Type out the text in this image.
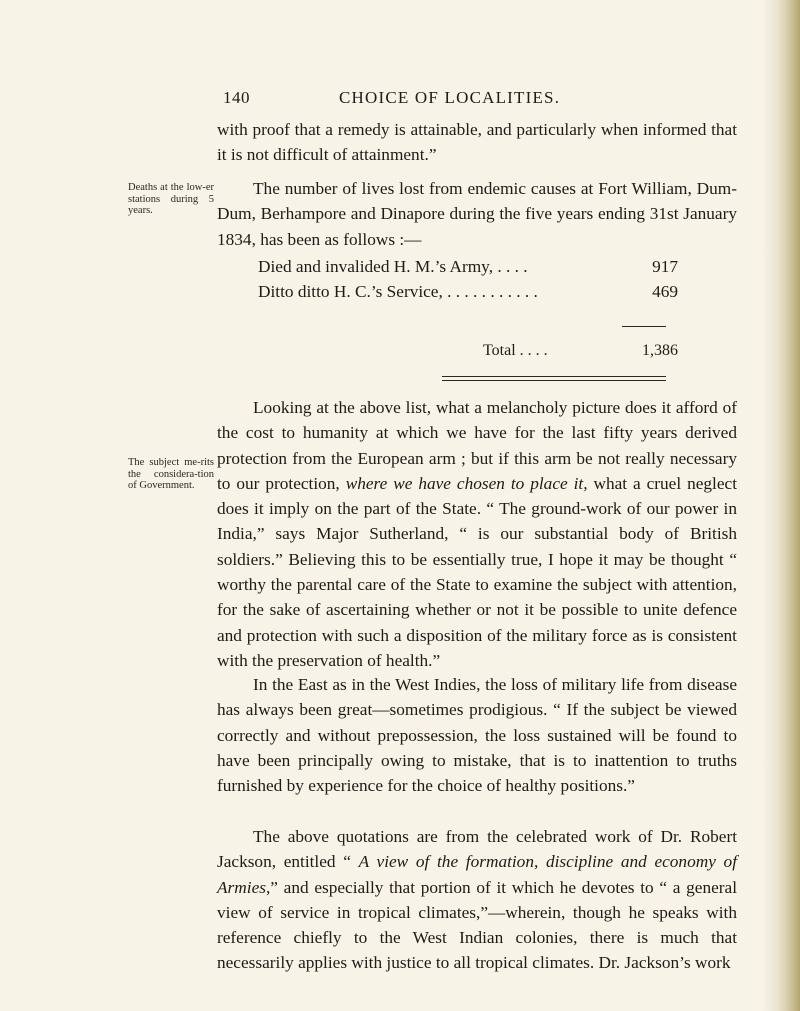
140	CHOICE OF LOCALITIES.

with proof that a remedy is attainable, and particularly when informed that it is not difficult of attainment.”

Deaths at the low-er stations during 5 years.

The number of lives lost from endemic causes at Fort William, Dum-Dum, Berhampore and Dinapore during the five years ending 31st January 1834, has been as follows :—

Died and invalided H. M.’s Army, . . . .	917
Ditto ditto H. C.’s Service, . . . . . . . . . . .	469
Total . . . .	1,386
The subject me-rits the considera-tion of Government.

Looking at the above list, what a melancholy picture does it afford of the cost to humanity at which we have for the last fifty years derived protection from the European arm ; but if this arm be not really necessary to our protection, where we have chosen to place it, what a cruel neglect does it imply on the part of the State. “ The ground-work of our power in India,” says Major Sutherland, “ is our substantial body of British soldiers.” Believing this to be essentially true, I hope it may be thought “ worthy the parental care of the State to examine the subject with attention, for the sake of ascertaining whether or not it be possible to unite defence and protection with such a disposition of the military force as is consistent with the preservation of health.”

In the East as in the West Indies, the loss of military life from disease has always been great—sometimes prodigious. “ If the subject be viewed correctly and without prepossession, the loss sustained will be found to have been principally owing to mistake, that is to inattention to truths furnished by experience for the choice of healthy positions.”

The above quotations are from the celebrated work of Dr. Robert Jackson, entitled “ A view of the formation, discipline and economy of Armies,” and especially that portion of it which he devotes to “ a general view of service in tropical climates,”—wherein, though he speaks with reference chiefly to the West Indian colonies, there is much that necessarily applies with justice to all tropical climates. Dr. Jackson’s work
